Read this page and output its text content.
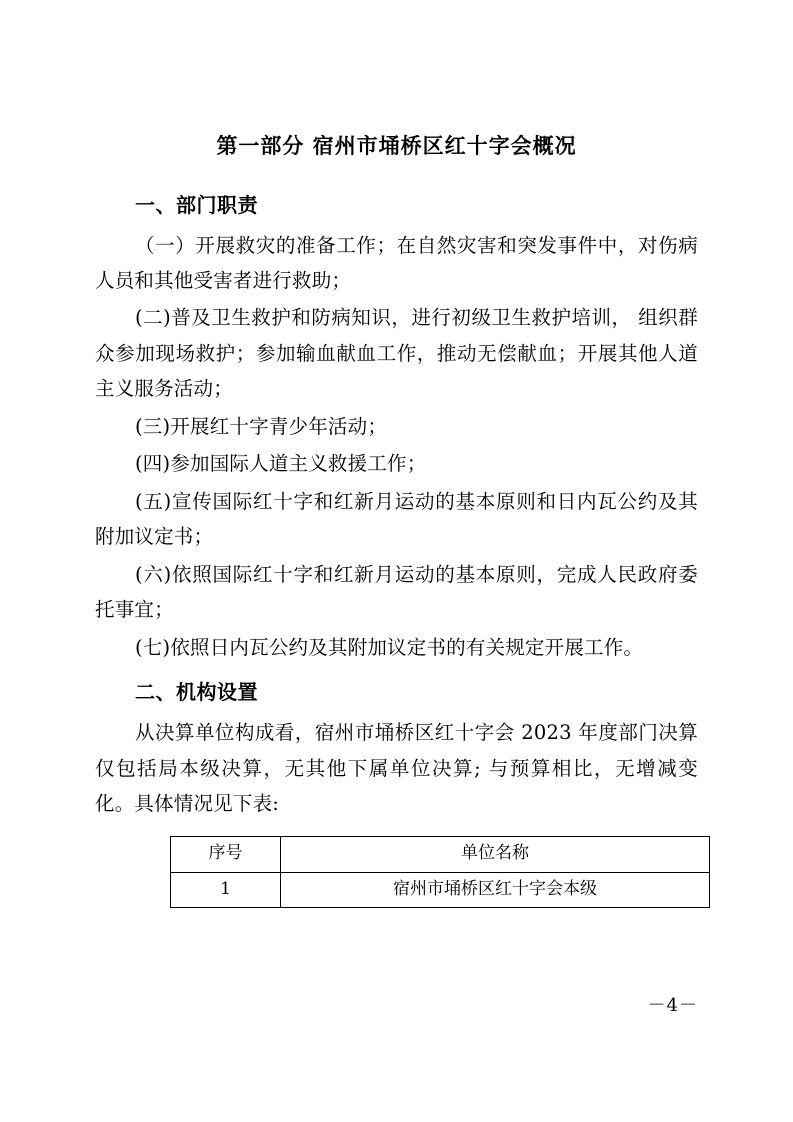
第一部分 宿州市埇桥区红十字会概况
一、部门职责

（一）开展救灾的准备工作；在自然灾害和突发事件中，对伤病人员和其他受害者进行救助；

(二)普及卫生救护和防病知识，进行初级卫生救护培训， 组织群众参加现场救护；参加输血献血工作，推动无偿献血；开展其他人道主义服务活动；

(三)开展红十字青少年活动；

(四)参加国际人道主义救援工作；

(五)宣传国际红十字和红新月运动的基本原则和日内瓦公约及其附加议定书；

(六)依照国际红十字和红新月运动的基本原则，完成人民政府委托事宜；

(七)依照日内瓦公约及其附加议定书的有关规定开展工作。

二、机构设置

从决算单位构成看，宿州市埇桥区红十字会 2023 年度部门决算仅包括局本级决算，无其他下属单位决算; 与预算相比，无增减变化。具体情况见下表:

序号	单位名称
1	宿州市埇桥区红十字会本级
－4－
